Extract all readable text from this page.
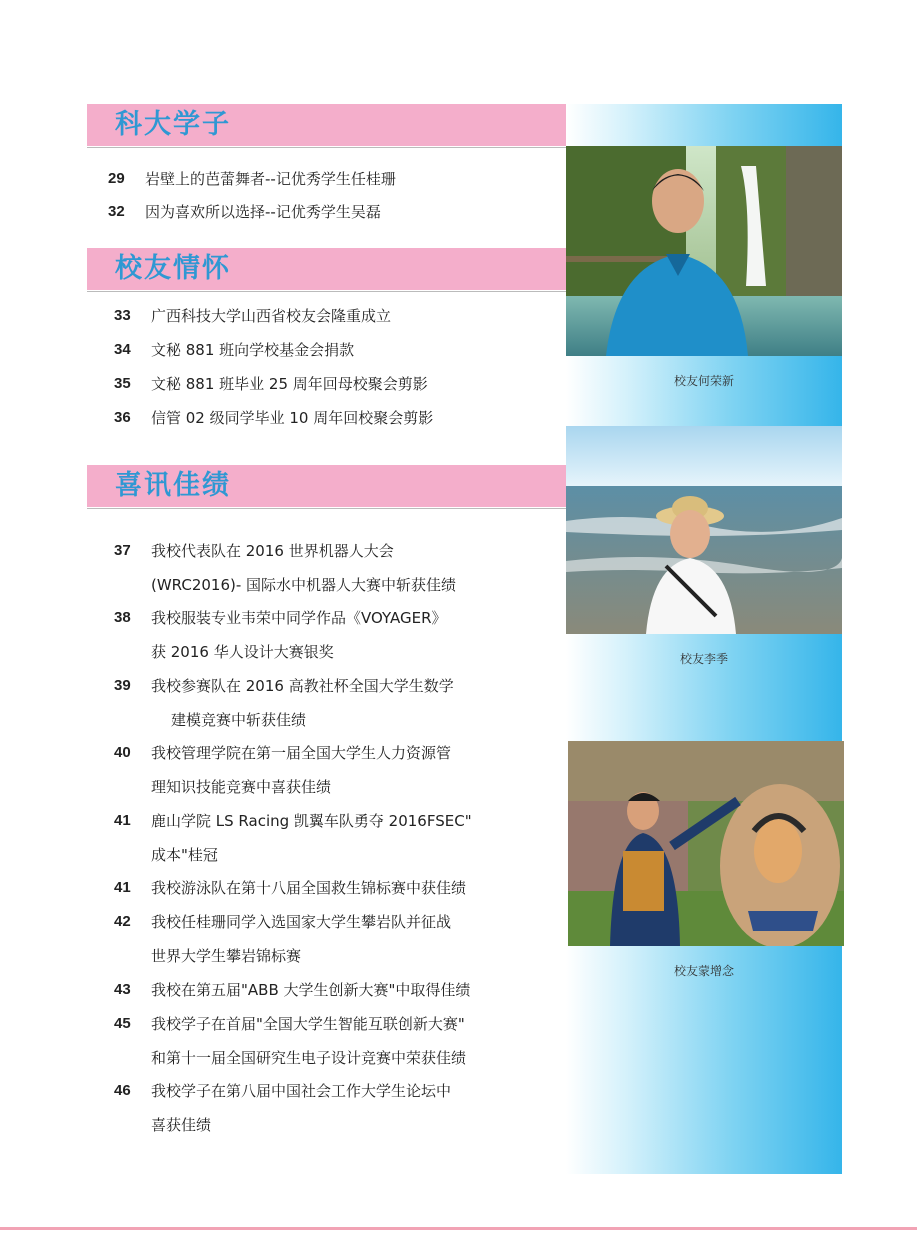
科大学子
29 岩壁上的芭蕾舞者--记优秀学生任桂珊
32 因为喜欢所以选择--记优秀学生吴磊
校友情怀
33 广西科技大学山西省校友会隆重成立
34 文秘 881 班向学校基金会捐款
35 文秘 881 班毕业 25 周年回母校聚会剪影
36 信管 02 级同学毕业 10 周年回校聚会剪影
喜讯佳绩
37 我校代表队在 2016 世界机器人大会
(WRC2016)- 国际水中机器人大赛中斩获佳绩
38 我校服装专业韦荣中同学作品《VOYAGER》
获 2016 华人设计大赛银奖
39 我校参赛队在 2016 高教社杯全国大学生数学
建模竞赛中斩获佳绩
40 我校管理学院在第一届全国大学生人力资源管
理知识技能竞赛中喜获佳绩
41 鹿山学院 LS Racing 凯翼车队勇夺 2016FSEC"
成本"桂冠
41 我校游泳队在第十八届全国救生锦标赛中获佳绩
42 我校任桂珊同学入选国家大学生攀岩队并征战
世界大学生攀岩锦标赛
43 我校在第五届"ABB 大学生创新大赛"中取得佳绩
45 我校学子在首届"全国大学生智能互联创新大赛"
和第十一届全国研究生电子设计竞赛中荣获佳绩
46 我校学子在第八届中国社会工作大学生论坛中
喜获佳绩
校友何荣新
校友李季
校友蒙增念
